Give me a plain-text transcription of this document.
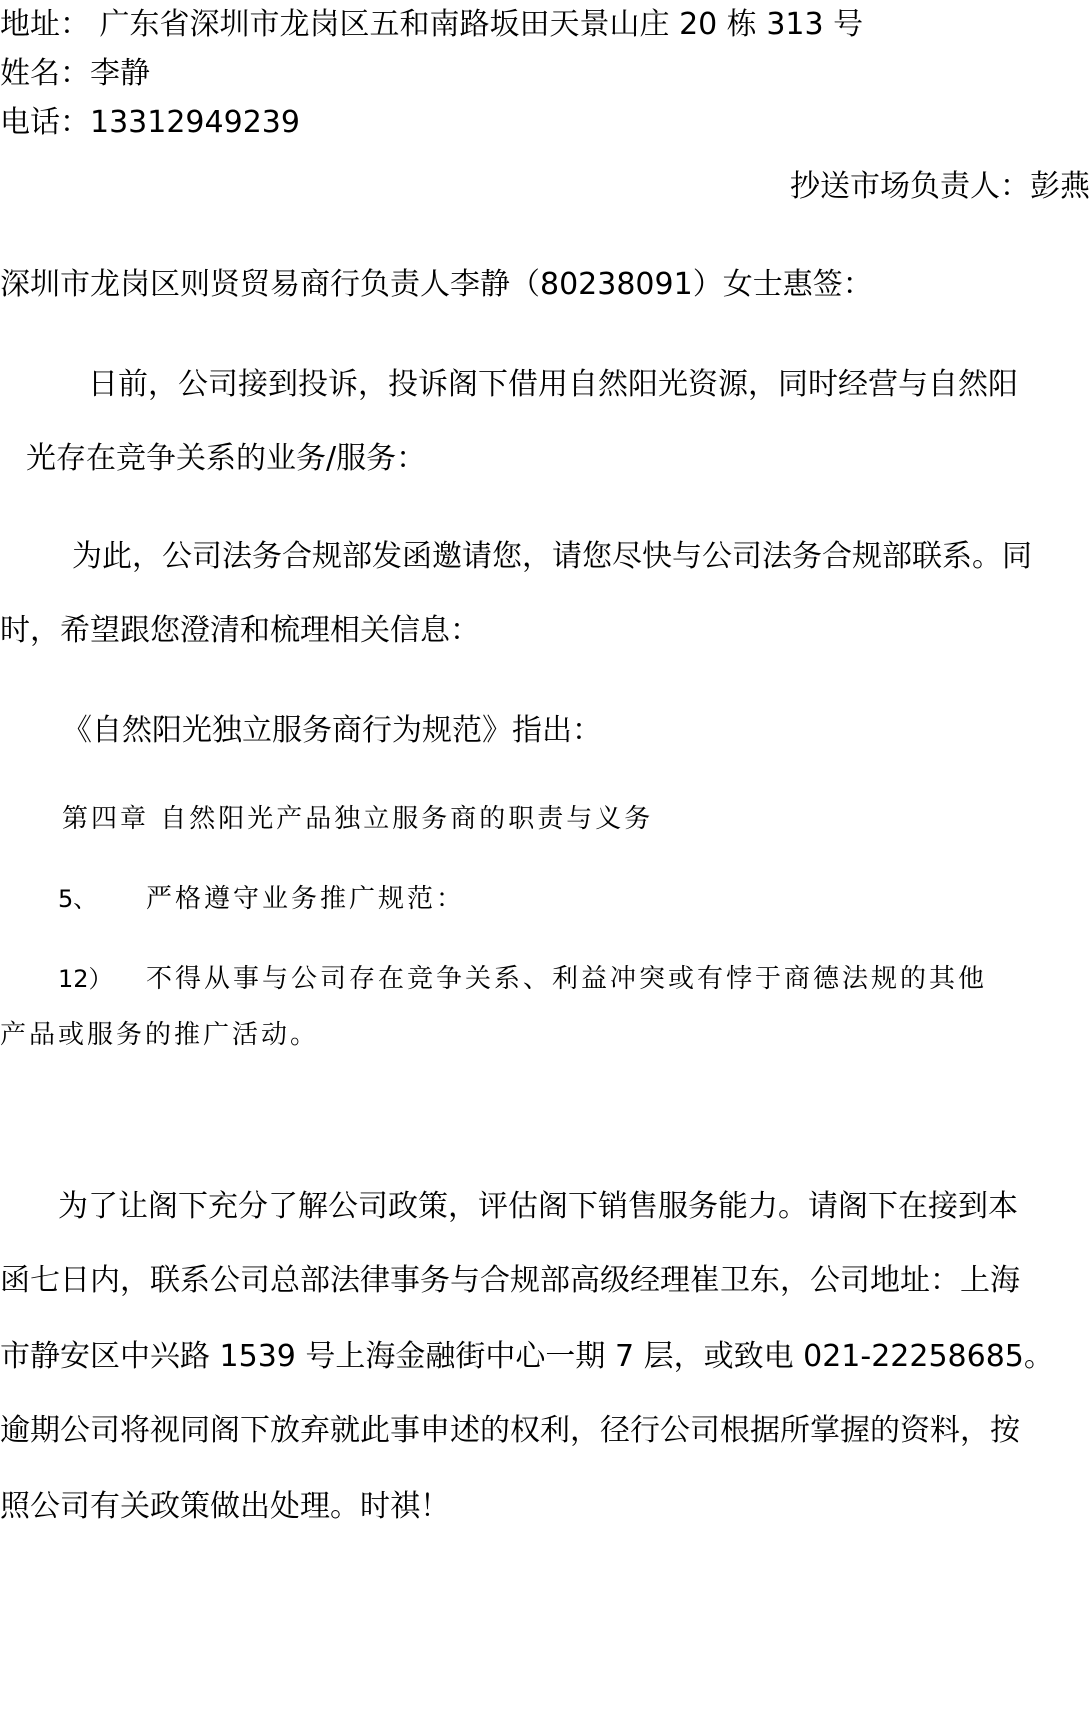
地址： 广东省深圳市龙岗区五和南路坂田天景山庄 20 栋 313 号
姓名：李静
电话：13312949239
抄送市场负责人：彭燕
深圳市龙岗区则贤贸易商行负责人李静（80238091）女士惠签：
日前，公司接到投诉，投诉阁下借用自然阳光资源，同时经营与自然阳
光存在竞争关系的业务/服务：
为此，公司法务合规部发函邀请您，请您尽快与公司法务合规部联系。同
时，希望跟您澄清和梳理相关信息：
《自然阳光独立服务商行为规范》指出：
第四章 自然阳光产品独立服务商的职责与义务
5、 严格遵守业务推广规范：
12） 不得从事与公司存在竞争关系、利益冲突或有悖于商德法规的其他
产品或服务的推广活动。
为了让阁下充分了解公司政策，评估阁下销售服务能力。请阁下在接到本
函七日内，联系公司总部法律事务与合规部高级经理崔卫东，公司地址：上海
市静安区中兴路 1539 号上海金融街中心一期 7 层，或致电 021-22258685。
逾期公司将视同阁下放弃就此事申述的权利，径行公司根据所掌握的资料，按
照公司有关政策做出处理。时祺！
